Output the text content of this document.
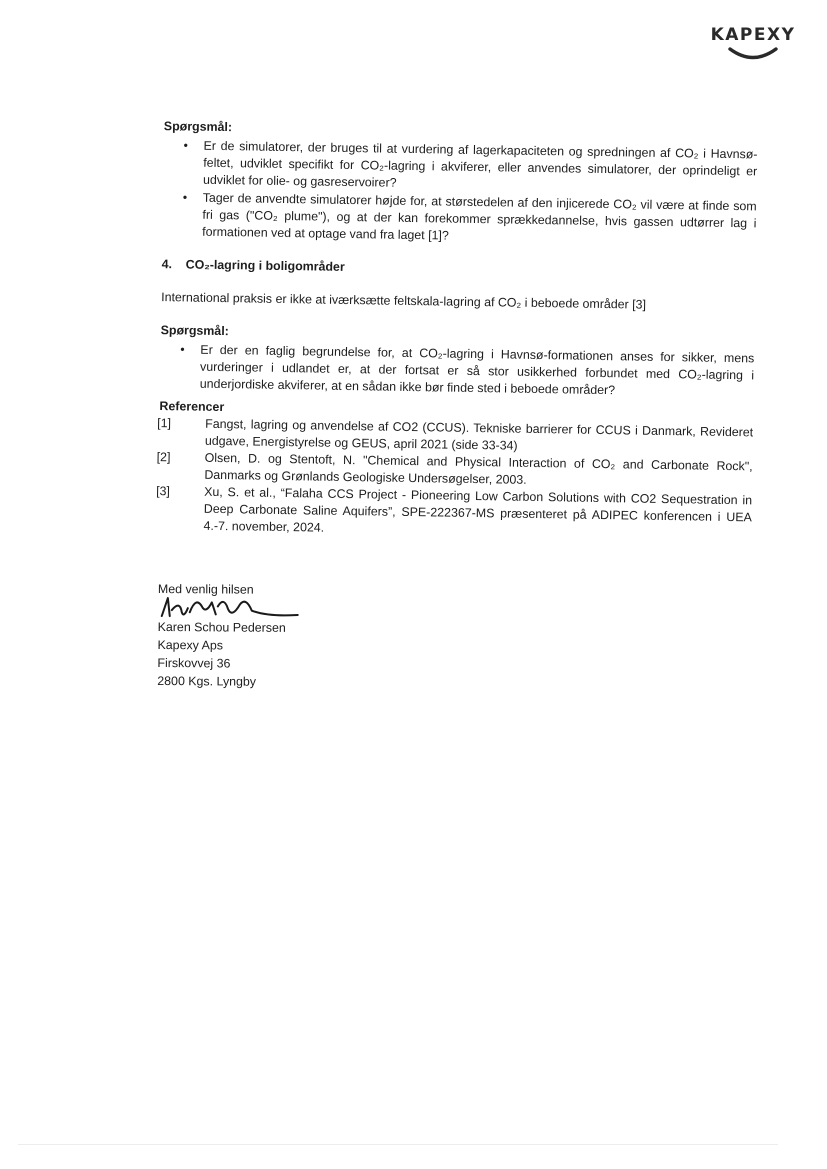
KAPEXY
Spørgsmål:
• Er de simulatorer, der bruges til at vurdering af lagerkapaciteten og spredningen af CO₂ i Havnsø-feltet, udviklet specifikt for CO₂-lagring i akviferer, eller anvendes simulatorer, der oprindeligt er udviklet for olie- og gasreservoirer?
• Tager de anvendte simulatorer højde for, at størstedelen af den injicerede CO₂ vil være at finde som fri gas ("CO₂ plume"), og at der kan forekommer sprækkedannelse, hvis gassen udtørrer lag i formationen ved at optage vand fra laget [1]?
4. CO₂-lagring i boligområder
International praksis er ikke at iværksætte feltskala-lagring af CO₂ i beboede områder [3]
Spørgsmål:
• Er der en faglig begrundelse for, at CO₂-lagring i Havnsø-formationen anses for sikker, mens vurderinger i udlandet er, at der fortsat er så stor usikkerhed forbundet med CO₂-lagring i underjordiske akviferer, at en sådan ikke bør finde sted i beboede områder?
Referencer
[1]	Fangst, lagring og anvendelse af CO2 (CCUS). Tekniske barrierer for CCUS i Danmark, Revideret udgave, Energistyrelse og GEUS, april 2021 (side 33-34)
[2]	Olsen, D. og Stentoft, N. "Chemical and Physical Interaction of CO₂ and Carbonate Rock", Danmarks og Grønlands Geologiske Undersøgelser, 2003.
[3]	Xu, S. et al., “Falaha CCS Project - Pioneering Low Carbon Solutions with CO2 Sequestration in Deep Carbonate Saline Aquifers”, SPE-222367-MS præsenteret på ADIPEC konferencen i UEA 4.-7. november, 2024.
Med venlig hilsen
Karen Schou Pedersen
Kapexy Aps
Firskovvej 36
2800 Kgs. Lyngby
